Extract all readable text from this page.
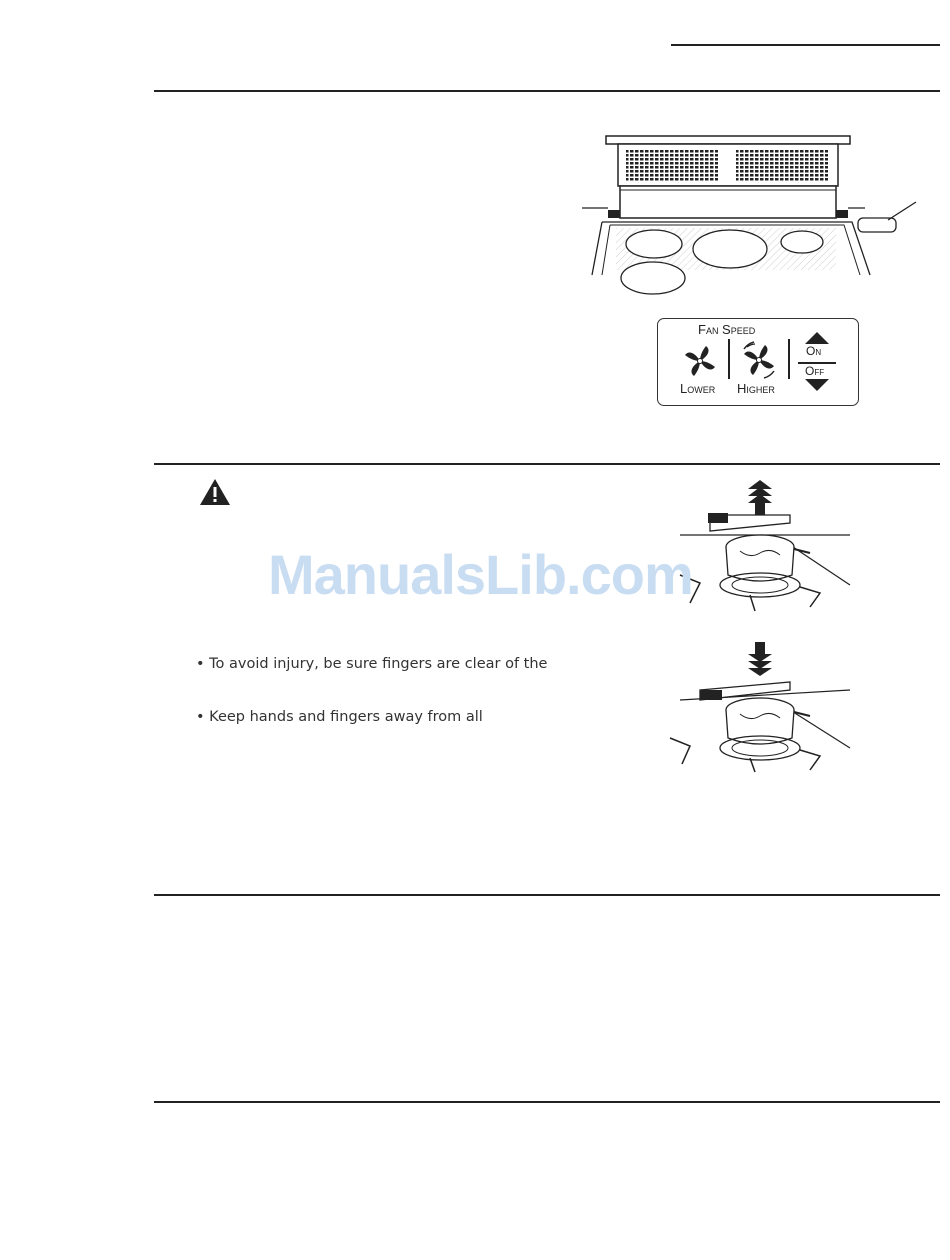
Fan Speed
Lower Higher
On
Off
ManualsLib.com
• To avoid injury, be sure fingers are clear of the
• Keep hands and fingers away from all
